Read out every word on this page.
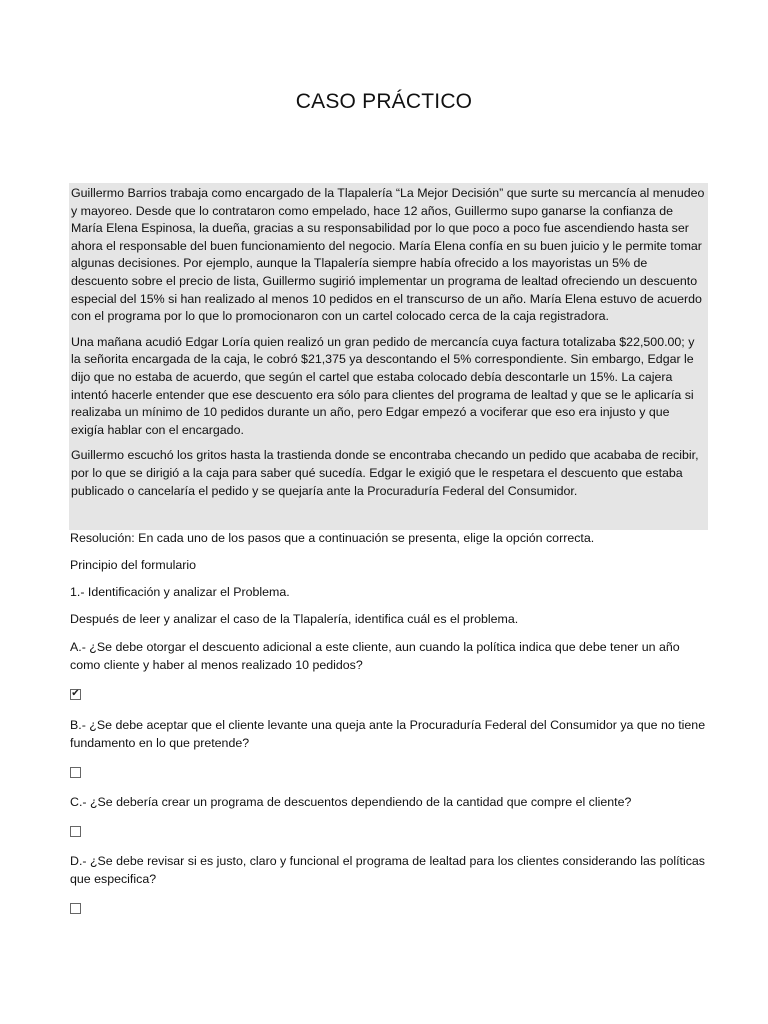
CASO PRÁCTICO

Guillermo Barrios trabaja como encargado de la Tlapalería “La Mejor Decisión” que surte su mercancía al menudeo y mayoreo. Desde que lo contrataron como empelado, hace 12 años, Guillermo supo ganarse la confianza de María Elena Espinosa, la dueña, gracias a su responsabilidad por lo que poco a poco fue ascendiendo hasta ser ahora el responsable del buen funcionamiento del negocio. María Elena confía en su buen juicio y le permite tomar algunas decisiones. Por ejemplo, aunque la Tlapalería siempre había ofrecido a los mayoristas un 5% de descuento sobre el precio de lista, Guillermo sugirió implementar un programa de lealtad ofreciendo un descuento especial del 15% si han realizado al menos 10 pedidos en el transcurso de un año. María Elena estuvo de acuerdo con el programa por lo que lo promocionaron con un cartel colocado cerca de la caja registradora.

Una mañana acudió Edgar Loría quien realizó un gran pedido de mercancía cuya factura totalizaba $22,500.00; y la señorita encargada de la caja, le cobró $21,375 ya descontando el 5% correspondiente. Sin embargo, Edgar le dijo que no estaba de acuerdo, que según el cartel que estaba colocado debía descontarle un 15%. La cajera intentó hacerle entender que ese descuento era sólo para clientes del programa de lealtad y que se le aplicaría si realizaba un mínimo de 10 pedidos durante un año, pero Edgar empezó a vociferar que eso era injusto y que exigía hablar con el encargado.

Guillermo escuchó los gritos hasta la trastienda donde se encontraba checando un pedido que acababa de recibir, por lo que se dirigió a la caja para saber qué sucedía. Edgar le exigió que le respetara el descuento que estaba publicado o cancelaría el pedido y se quejaría ante la Procuraduría Federal del Consumidor.

Resolución: En cada uno de los pasos que a continuación se presenta, elige la opción correcta.

Principio del formulario

1.- Identificación y analizar el Problema.

Después de leer y analizar el caso de la Tlapalería, identifica cuál es el problema.

A.- ¿Se debe otorgar el descuento adicional a este cliente, aun cuando la política indica que debe tener un año como cliente y haber al menos realizado 10 pedidos?

✔

B.- ¿Se debe aceptar que el cliente levante una queja ante la Procuraduría Federal del Consumidor ya que no tiene fundamento en lo que pretende?

C.- ¿Se debería crear un programa de descuentos dependiendo de la cantidad que compre el cliente?

D.- ¿Se debe revisar si es justo, claro y funcional el programa de lealtad para los clientes considerando las políticas que especifica?
